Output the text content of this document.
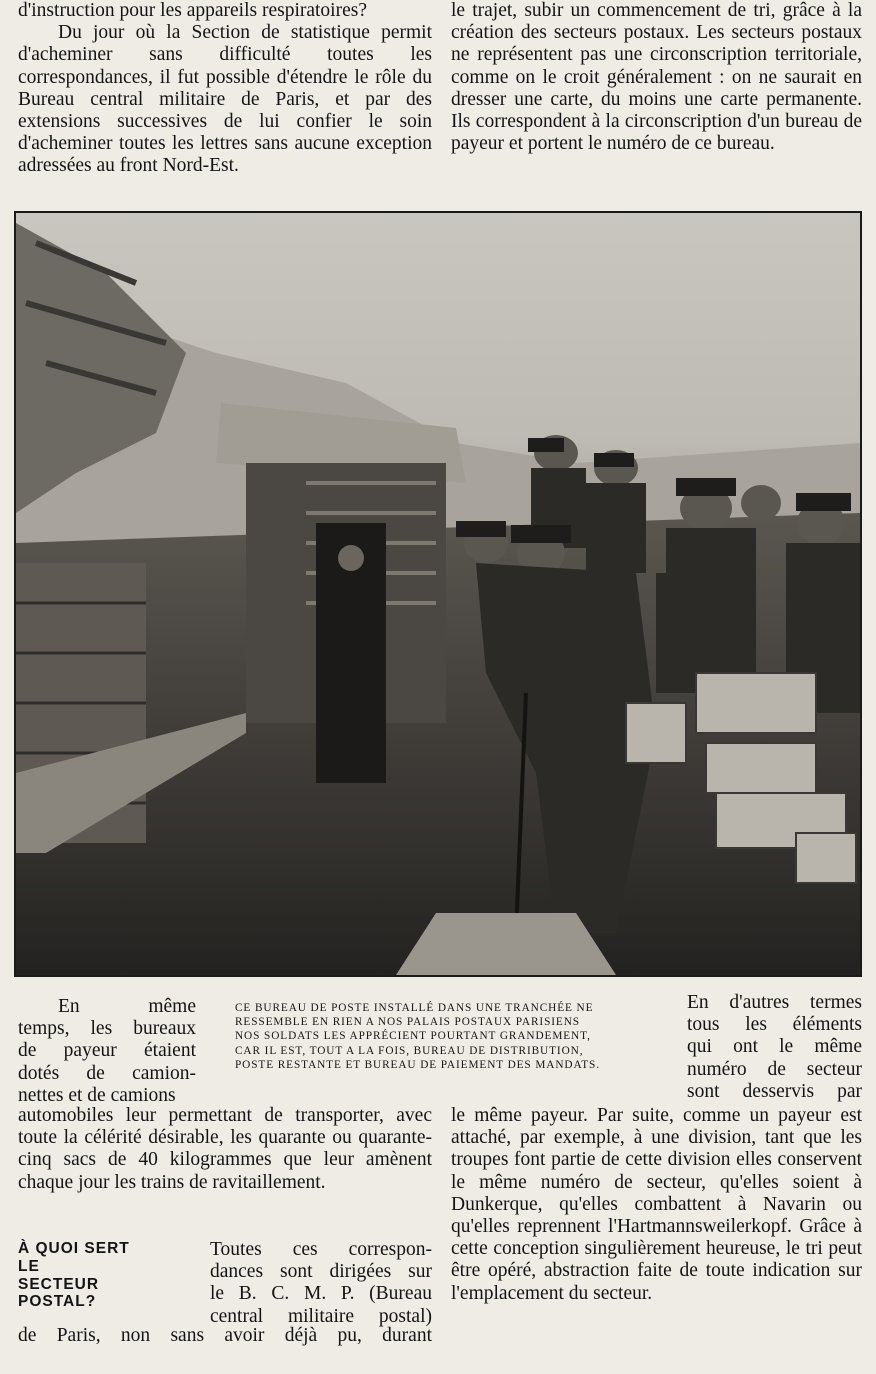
d'instruction pour les appareils respiratoires?

Du jour où la Section de statistique permit d'acheminer sans difficulté toutes les correspondances, il fut possible d'étendre le rôle du Bureau central militaire de Paris, et par des extensions successives de lui confier le soin d'acheminer toutes les lettres sans aucune exception adressées au front Nord-Est.

le trajet, subir un commencement de tri, grâce à la création des secteurs postaux. Les secteurs postaux ne représentent pas une circonscription territoriale, comme on le croit généralement : on ne saurait en dresser une carte, du moins une carte permanente. Ils correspondent à la circonscription d'un bureau de payeur et portent le numéro de ce bureau.

CE BUREAU DE POSTE INSTALLÉ DANS UNE TRANCHÉE NE

RESSEMBLE EN RIEN A NOS PALAIS POSTAUX PARISIENS

NOS SOLDATS LES APPRÉCIENT POURTANT GRANDEMENT,

CAR IL EST, TOUT A LA FOIS, BUREAU DE DISTRIBUTION,

POSTE RESTANTE ET BUREAU DE PAIEMENT DES MANDATS.

En même

temps, les bureaux

de payeur étaient

dotés de camion-

nettes et de camions

En d'autres termes

tous les éléments

qui ont le même

numéro de secteur

sont desservis par

automobiles leur permettant de transporter, avec toute la célérité désirable, les quarante ou quarante-cinq sacs de 40 kilogrammes que leur amènent chaque jour les trains de ravitaillement.

À QUOI SERT

LE

SECTEUR

POSTAL?

Toutes ces correspon-

dances sont dirigées sur

le B. C. M. P. (Bureau

central militaire postal)

de Paris, non sans avoir déjà pu, durant

le même payeur. Par suite, comme un payeur est attaché, par exemple, à une division, tant que les troupes font partie de cette division elles conservent le même numéro de secteur, qu'elles soient à Dunkerque, qu'elles combattent à Navarin ou qu'elles reprennent l'Hartmannsweilerkopf. Grâce à cette conception singulièrement heureuse, le tri peut être opéré, abstraction faite de toute indication sur l'emplacement du secteur.
